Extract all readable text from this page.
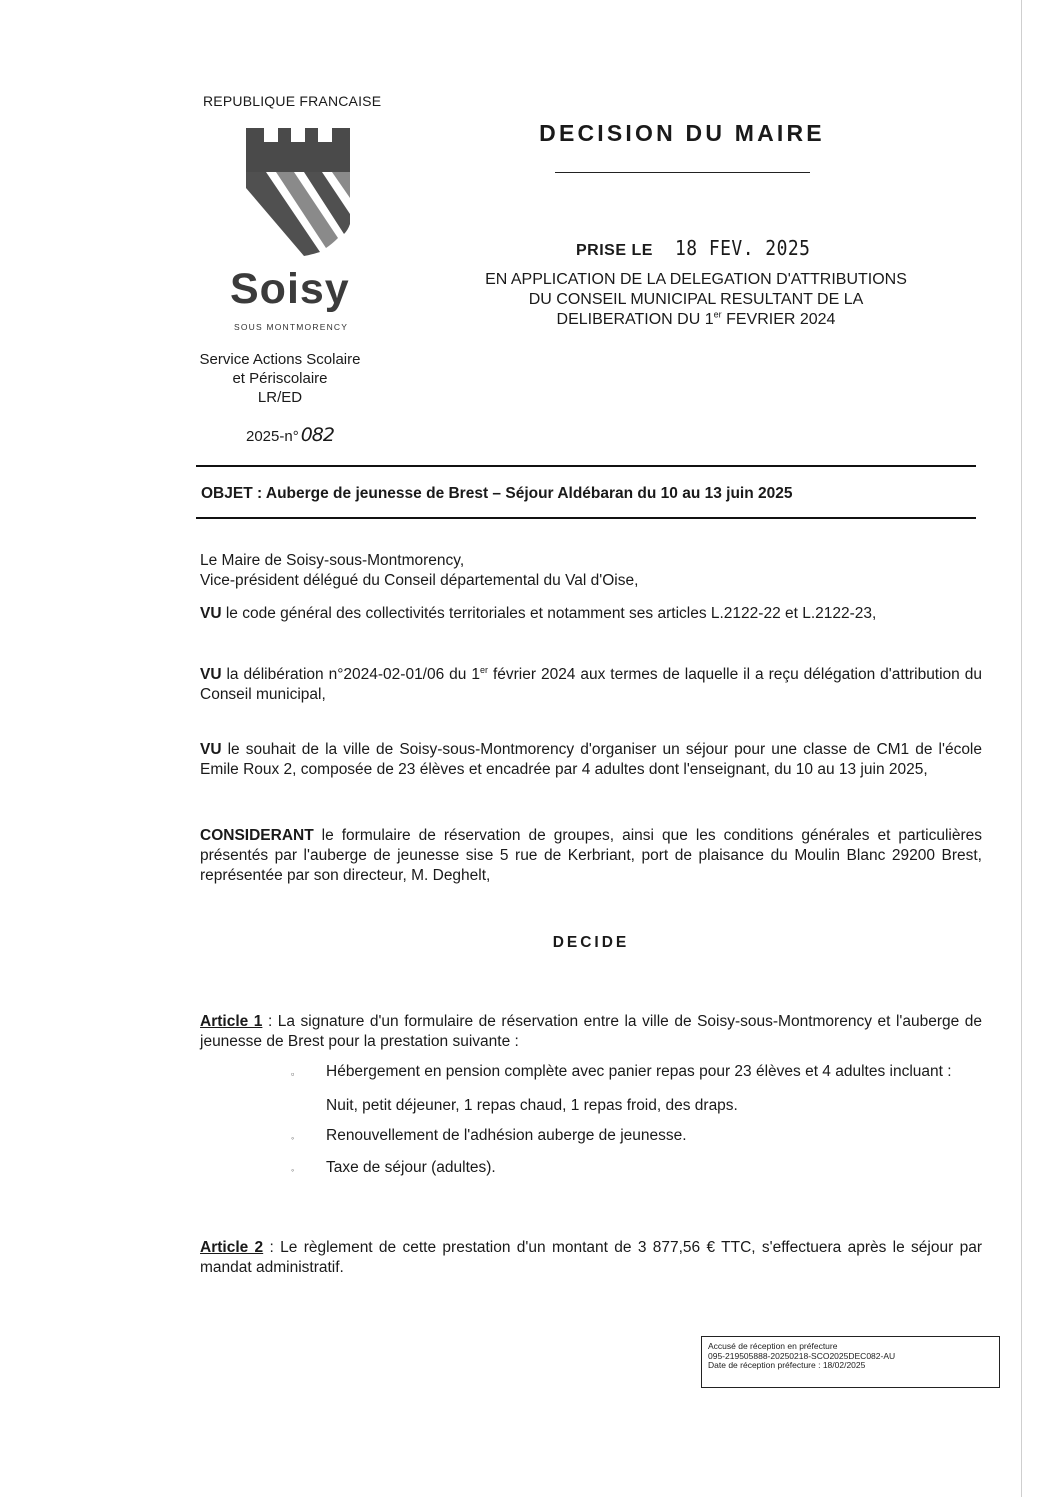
REPUBLIQUE FRANCAISE
Soisy
SOUS MONTMORENCY
Service Actions Scolaire
et Périscolaire
LR/ED
2025-n° 082
DECISION DU MAIRE
PRISE LE 18 FEV. 2025
EN APPLICATION DE LA DELEGATION D'ATTRIBUTIONS
DU CONSEIL MUNICIPAL RESULTANT DE LA
DELIBERATION DU 1er FEVRIER 2024
OBJET : Auberge de jeunesse de Brest – Séjour Aldébaran du 10 au 13 juin 2025
Le Maire de Soisy-sous-Montmorency,
Vice-président délégué du Conseil départemental du Val d'Oise,
VU le code général des collectivités territoriales et notamment ses articles L.2122-22 et L.2122-23,
VU la délibération n°2024-02-01/06 du 1er février 2024 aux termes de laquelle il a reçu délégation d'attribution du Conseil municipal,
VU le souhait de la ville de Soisy-sous-Montmorency d'organiser un séjour pour une classe de CM1 de l'école Emile Roux 2, composée de 23 élèves et encadrée par 4 adultes dont l'enseignant, du 10 au 13 juin 2025,
CONSIDERANT le formulaire de réservation de groupes, ainsi que les conditions générales et particulières présentés par l'auberge de jeunesse sise 5 rue de Kerbriant, port de plaisance du Moulin Blanc 29200 Brest, représentée par son directeur, M. Deghelt,
DECIDE
Article 1 : La signature d'un formulaire de réservation entre la ville de Soisy-sous-Montmorency et l'auberge de jeunesse de Brest pour la prestation suivante :
▫ Hébergement en pension complète avec panier repas pour 23 élèves et 4 adultes incluant :
Nuit, petit déjeuner, 1 repas chaud, 1 repas froid, des draps.
◦ Renouvellement de l'adhésion auberge de jeunesse.
◦ Taxe de séjour (adultes).
Article 2 : Le règlement de cette prestation d'un montant de 3 877,56 € TTC, s'effectuera après le séjour par mandat administratif.
Accusé de réception en préfecture
095-219505888-20250218-SCO2025DEC082-AU
Date de réception préfecture : 18/02/2025
